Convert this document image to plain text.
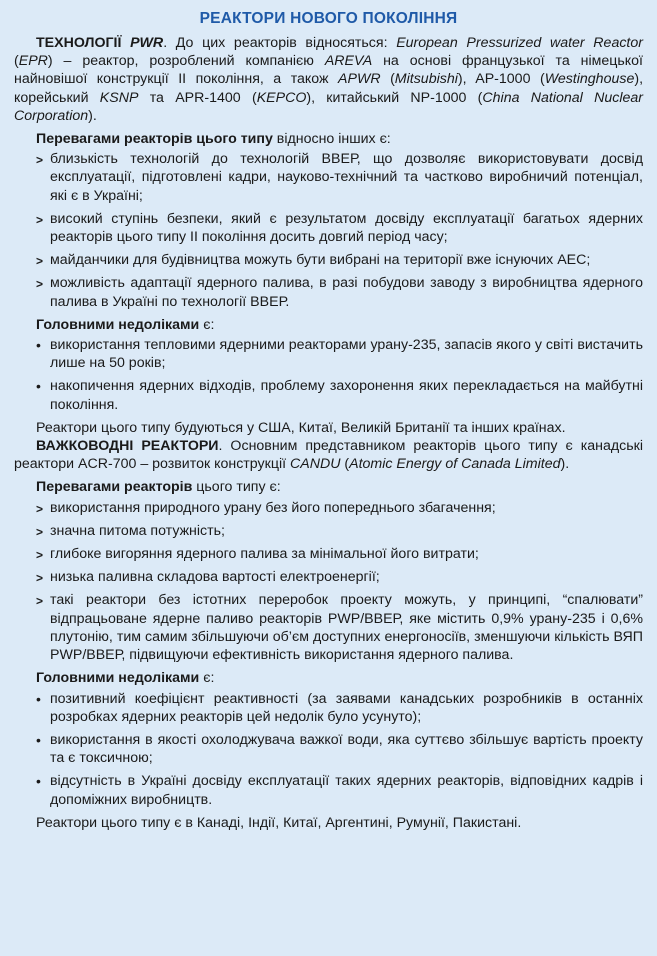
РЕАКТОРИ НОВОГО ПОКОЛІННЯ

ТЕХНОЛОГІЇ PWR. До цих реакторів відносяться: European Pressurized water Reactor (EPR) – реактор, розроблений компанією AREVA на основі французької та німецької найновішої конструкції ІІ покоління, а також APWR (Mitsubishi), AP-1000 (Westinghouse), корейський KSNP та APR-1400 (KEPCO), китайський NP-1000 (China National Nuclear Corporation).

Перевагами реакторів цього типу відносно інших є:
> близькість технологій до технологій ВВЕР, що дозволяє використовувати досвід експлуатації, підготовлені кадри, науково-технічний та частково виробничий потенціал, які є в Україні;
> високий ступінь безпеки, який є результатом досвіду експлуатації багатьох ядерних реакторів цього типу ІІ покоління досить довгий період часу;
> майданчики для будівництва можуть бути вибрані на території вже існуючих АЕС;
> можливість адаптації ядерного палива, в разі побудови заводу з виробництва ядерного палива в Україні по технології ВВЕР.
Головними недоліками є:
• використання тепловими ядерними реакторами урану-235, запасів якого у світі вистачить лише на 50 років;
• накопичення ядерних відходів, проблему захоронення яких перекладається на майбутні покоління.

Реактори цього типу будуються у США, Китаї, Великій Британії та інших країнах.

ВАЖКОВОДНІ РЕАКТОРИ. Основним представником реакторів цього типу є канадські реактори ACR-700 – розвиток конструкції CANDU (Atomic Energy of Canada Limited).

Перевагами реакторів цього типу є:
> використання природного урану без його попереднього збагачення;
> значна питома потужність;
> глибоке вигоряння ядерного палива за мінімальної його витрати;
> низька паливна складова вартості електроенергії;
> такі реактори без істотних переробок проекту можуть, у принципі, “спалювати” відпрацьоване ядерне паливо реакторів PWP/ВВЕР, яке містить 0,9% урану-235 і 0,6% плутонію, тим самим збільшуючи об’єм доступних енергоносіїв, зменшуючи кількість ВЯП PWP/ВВЕР, підвищуючи ефективність використання ядерного палива.
Головними недоліками є:
• позитивний коефіцієнт реактивності (за заявами канадських розробників в останніх розробках ядерних реакторів цей недолік було усунуто);
• використання в якості охолоджувача важкої води, яка суттєво збільшує вартість проекту та є токсичною;
• відсутність в Україні досвіду експлуатації таких ядерних реакторів, відповідних кадрів і допоміжних виробництв.

Реактори цього типу є в Канаді, Індії, Китаї, Аргентині, Румунії, Пакистані.
